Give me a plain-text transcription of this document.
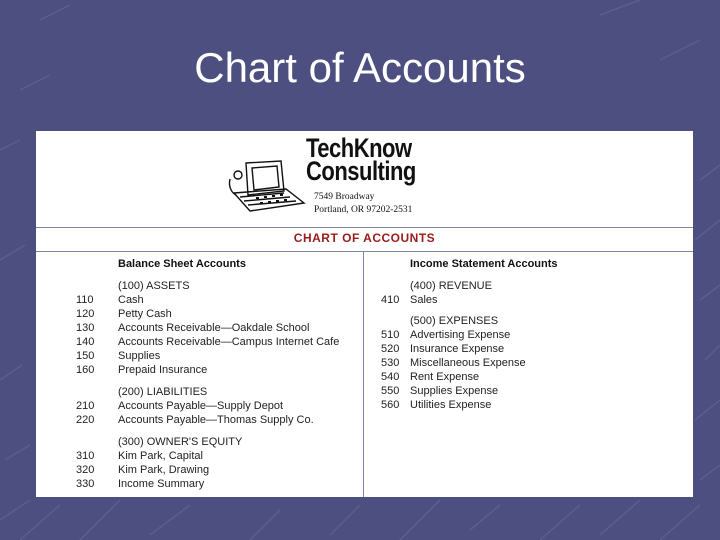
Chart of Accounts
TechKnow
Consulting
7549 Broadway
Portland, OR 97202-2531
CHART OF ACCOUNTS
Balance Sheet Accounts
(100) ASSETS
110 Cash
120 Petty Cash
130 Accounts Receivable—Oakdale School
140 Accounts Receivable—Campus Internet Cafe
150 Supplies
160 Prepaid Insurance
(200) LIABILITIES
210 Accounts Payable—Supply Depot
220 Accounts Payable—Thomas Supply Co.
(300) OWNER'S EQUITY
310 Kim Park, Capital
320 Kim Park, Drawing
330 Income Summary
Income Statement Accounts
(400) REVENUE
410 Sales
(500) EXPENSES
510 Advertising Expense
520 Insurance Expense
530 Miscellaneous Expense
540 Rent Expense
550 Supplies Expense
560 Utilities Expense
